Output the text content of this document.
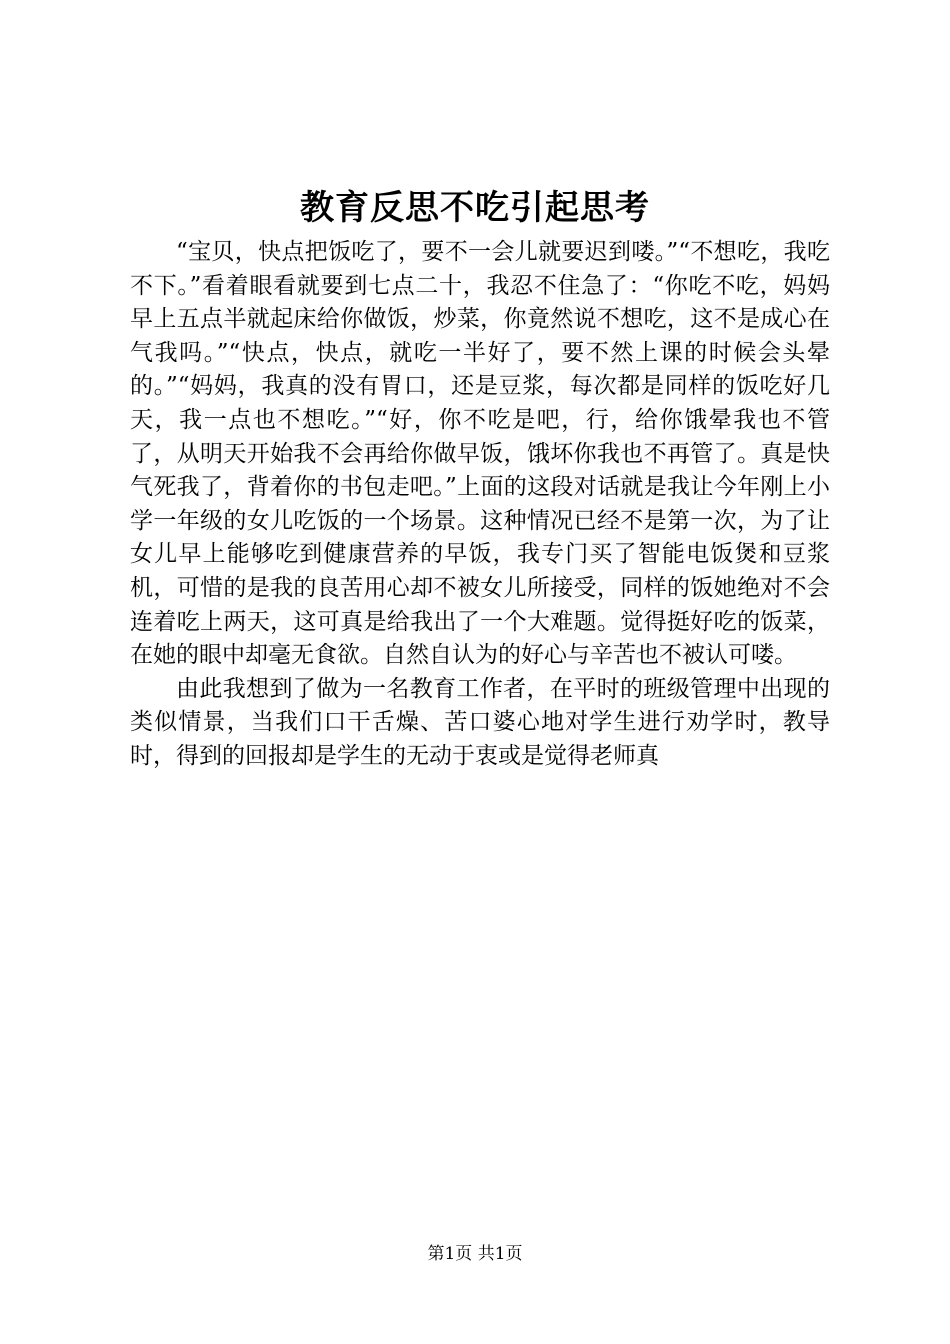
教育反思不吃引起思考

“宝贝，快点把饭吃了，要不一会儿就要迟到喽。”“不想吃，我吃不下。”看着眼看就要到七点二十，我忍不住急了：“你吃不吃，妈妈早上五点半就起床给你做饭，炒菜，你竟然说不想吃，这不是成心在气我吗。”“快点，快点，就吃一半好了，要不然上课的时候会头晕的。”“妈妈，我真的没有胃口，还是豆浆，每次都是同样的饭吃好几天，我一点也不想吃。”“好，你不吃是吧，行，给你饿晕我也不管了，从明天开始我不会再给你做早饭，饿坏你我也不再管了。真是快气死我了，背着你的书包走吧。”上面的这段对话就是我让今年刚上小学一年级的女儿吃饭的一个场景。这种情况已经不是第一次，为了让女儿早上能够吃到健康营养的早饭，我专门买了智能电饭煲和豆浆机，可惜的是我的良苦用心却不被女儿所接受，同样的饭她绝对不会连着吃上两天，这可真是给我出了一个大难题。觉得挺好吃的饭菜，在她的眼中却毫无食欲。自然自认为的好心与辛苦也不被认可喽。

由此我想到了做为一名教育工作者，在平时的班级管理中出现的类似情景，当我们口干舌燥、苦口婆心地对学生进行劝学时，教导时，得到的回报却是学生的无动于衷或是觉得老师真

第1页 共1页
